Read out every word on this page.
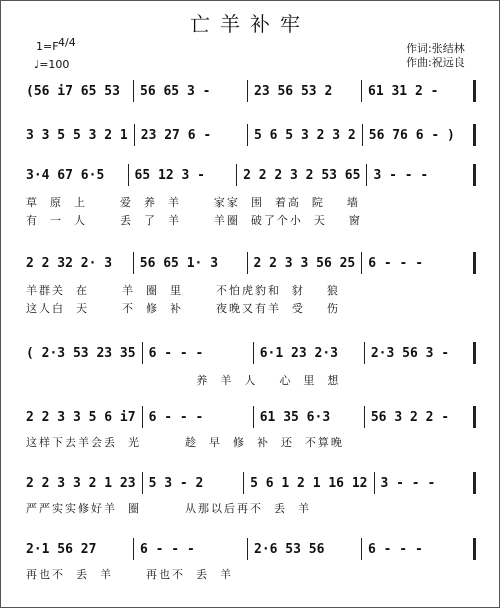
亡羊补牢
1=F 4/4
♩=100
作词:张结林
作曲:祝远良
(56 i7 65 53	56 65 3 -	23 56 53 2	61 31 2 -
3 3 5 5 3 2 1 23 27 6 -	5 6 5 3 2 3 2 56 76 6 - )
3·4 67 6·5	65 12 3 -	2 2 2 3 2 53 65 3 - - -
2 2 32 2· 3	56 65 1· 3	2 2 3 3 56 25 6 - - -
( 2·3 53 23 35 6 - - -	6·1 23 2·3	2·3 56 3 -
2 2 3 3 5 6 i7 6 - - -	61 35 6·3	56 3 2 2 -
2 2 3 3 2 1 23 5 3 - 2	5 6 1 2 1 16 12 3 - - -
2·1 56 27	6 - - -	2·6 53 56	6 - - -
草  原  上      爱  养  羊      家家  围  着高  院    墙
有  一  人      丢  了  羊      羊圈  破了个小  天    窗
羊群关  在      羊  圈  里      不怕虎豹和  豺    狼
这人白  天      不  修  补      夜晚又有羊  受    伤
养  羊  人    心  里  想
这样下去羊会丢  光        趁  早  修  补  还  不算晚
严严实实修好羊  圈        从那以后再不  丢  羊
再也不  丢  羊      再也不  丢  羊
